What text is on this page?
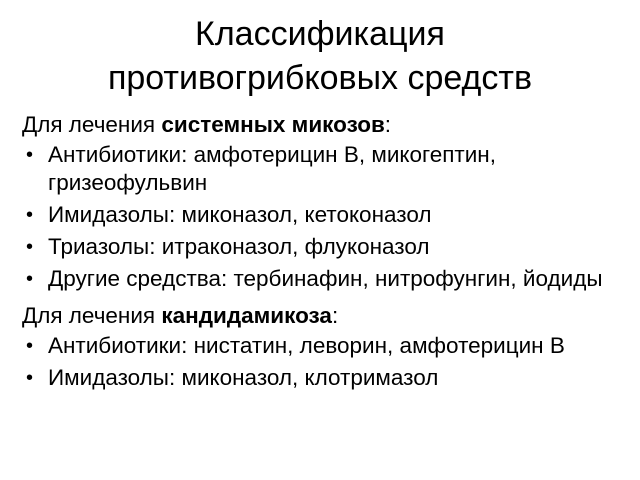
Классификация
противогрибковых средств

Для лечения системных микозов:

• Антибиотики: амфотерицин В, микогептин, гризеофульвин
• Имидазолы: миконазол, кетоконазол
• Триазолы: итраконазол, флуконазол
• Другие средства: тербинафин, нитрофунгин, йодиды

Для лечения кандидамикоза:

• Антибиотики: нистатин, леворин, амфотерицин В
• Имидазолы: миконазол, клотримазол
